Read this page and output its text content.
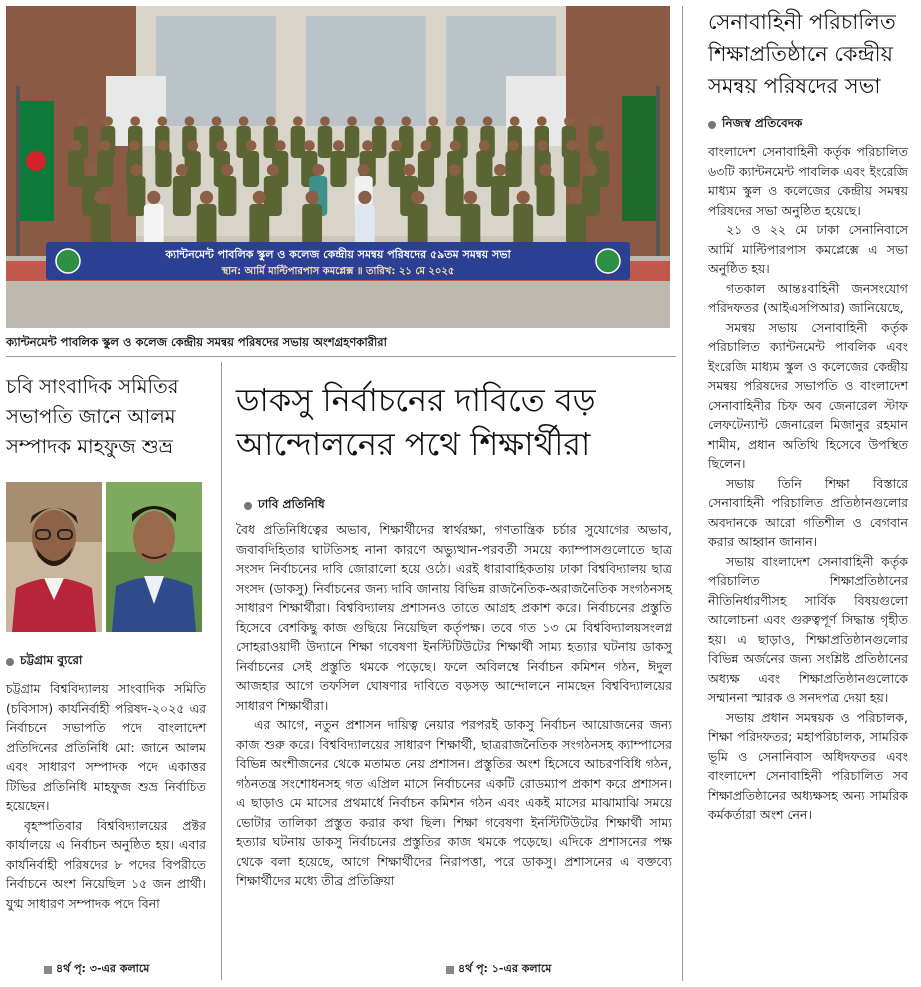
ক্যান্টনমেন্ট পাবলিক স্কুল ও কলেজ কেন্দ্রীয় সমন্বয় পরিষদের ৫৯তম সমন্বয় সভা
স্থান: আর্মি মাল্টিপারপাস কমপ্লেক্স ॥ তারিখ: ২১ মে ২০২৫
ক্যান্টনমেন্ট পাবলিক স্কুল ও কলেজ কেন্দ্রীয় সমন্বয় পরিষদের সভায় অংশগ্রহণকারীরা
সেনাবাহিনী পরিচালিত শিক্ষাপ্রতিষ্ঠানে কেন্দ্রীয় সমন্বয় পরিষদের সভা
নিজস্ব প্রতিবেদক

বাংলাদেশ সেনাবাহিনী কর্তৃক পরিচালিত ৬৩টি ক্যান্টনমেন্ট পাবলিক এবং ইংরেজি মাধ্যম স্কুল ও কলেজের কেন্দ্রীয় সমন্বয় পরিষদের সভা অনুষ্ঠিত হয়েছে।

২১ ও ২২ মে ঢাকা সেনানিবাসে আর্মি মাল্টিপারপাস কমপ্লেক্সে এ সভা অনুষ্ঠিত হয়।

গতকাল আন্তঃবাহিনী জনসংযোগ পরিদফতর (আইএসপিআর) জানিয়েছে,

সমন্বয় সভায় সেনাবাহিনী কর্তৃক পরিচালিত ক্যান্টনমেন্ট পাবলিক এবং ইংরেজি মাধ্যম স্কুল ও কলেজের কেন্দ্রীয় সমন্বয় পরিষদের সভাপতি ও বাংলাদেশ সেনাবাহিনীর চিফ অব জেনারেল স্টাফ লেফটেন্যান্ট জেনারেল মিজানুর রহমান শামীম, প্রধান অতিথি হিসেবে উপস্থিত ছিলেন।

সভায় তিনি শিক্ষা বিস্তারে সেনাবাহিনী পরিচালিত প্রতিষ্ঠানগুলোর অবদানকে আরো গতিশীল ও বেগবান করার আহ্বান জানান।

সভায় বাংলাদেশ সেনাবাহিনী কর্তৃক পরিচালিত শিক্ষাপ্রতিষ্ঠানের নীতিনির্ধারণীসহ সার্বিক বিষয়গুলো আলোচনা এবং গুরুত্বপূর্ণ সিদ্ধান্ত গৃহীত হয়। এ ছাড়াও, শিক্ষাপ্রতিষ্ঠানগুলোর বিভিন্ন অর্জনের জন্য সংশ্লিষ্ট প্রতিষ্ঠানের অধ্যক্ষ এবং শিক্ষাপ্রতিষ্ঠানগুলোকে সম্মাননা স্মারক ও সনদপত্র দেয়া হয়।

সভায় প্রধান সমন্বয়ক ও পরিচালক, শিক্ষা পরিদফতর; মহাপরিচালক, সামরিক ভূমি ও সেনানিবাস অধিদফতর এবং বাংলাদেশ সেনাবাহিনী পরিচালিত সব শিক্ষাপ্রতিষ্ঠানের অধ্যক্ষসহ অন্য সামরিক কর্মকর্তারা অংশ নেন।

চবি সাংবাদিক সমিতির সভাপতি জানে আলম সম্পাদক মাহফুজ শুভ্র
চট্টগ্রাম ব্যুরো

চট্টগ্রাম বিশ্ববিদ্যালয় সাংবাদিক সমিতি (চবিসাস) কার্যনির্বাহী পরিষদ-২০২৫ এর নির্বাচনে সভাপতি পদে বাংলাদেশ প্রতিদিনের প্রতিনিধি মো: জানে আলম এবং সাধারণ সম্পাদক পদে একাত্তর টিভির প্রতিনিধি মাহফুজ শুভ্র নির্বাচিত হয়েছেন।

বৃহস্পতিবার বিশ্ববিদ্যালয়ের প্রক্টর কার্যালয়ে এ নির্বাচন অনুষ্ঠিত হয়। এবার কার্যনির্বাহী পরিষদের ৮ পদের বিপরীতে নির্বাচনে অংশ নিয়েছিল ১৫ জন প্রার্থী। যুগ্ম সাধারণ সম্পাদক পদে বিনা

৪র্থ পৃ: ৩-এর কলামে
ডাকসু নির্বাচনের দাবিতে বড় আন্দোলনের পথে শিক্ষার্থীরা
ঢাবি প্রতিনিধি

বৈধ প্রতিনিধিত্বের অভাব, শিক্ষার্থীদের স্বার্থরক্ষা, গণতান্ত্রিক চর্চার সুযোগের অভাব, জবাবদিহিতার ঘাটতিসহ নানা কারণে অভ্যুত্থান-পরবর্তী সময়ে ক্যাম্পাসগুলোতে ছাত্র সংসদ নির্বাচনের দাবি জোরালো হয়ে ওঠে। এরই ধারাবাহিকতায় ঢাকা বিশ্ববিদ্যালয় ছাত্র সংসদ (ডাকসু) নির্বাচনের জন্য দাবি জানায় বিভিন্ন রাজনৈতিক-অরাজনৈতিক সংগঠনসহ সাধারণ শিক্ষার্থীরা। বিশ্ববিদ্যালয় প্রশাসনও তাতে আগ্রহ প্রকাশ করে। নির্বাচনের প্রস্তুতি হিসেবে বেশকিছু কাজ গুছিয়ে নিয়েছিল কর্তৃপক্ষ। তবে গত ১৩ মে বিশ্ববিদ্যালয়সংলগ্ন সোহরাওয়ার্দী উদ্যানে শিক্ষা গবেষণা ইনস্টিটিউটের শিক্ষার্থী সাম্য হত্যার ঘটনায় ডাকসু নির্বাচনের সেই প্রস্তুতি থমকে পড়েছে। ফলে অবিলম্বে নির্বাচন কমিশন গঠন, ঈদুল আজহার আগে তফসিল ঘোষণার দাবিতে বড়সড় আন্দোলনে নামছেন বিশ্ববিদ্যালয়ের সাধারণ শিক্ষার্থীরা।

এর আগে, নতুন প্রশাসন দায়িত্ব নেয়ার পরপরই ডাকসু নির্বাচন আয়োজনের জন্য কাজ শুরু করে। বিশ্ববিদ্যালয়ের সাধারণ শিক্ষার্থী, ছাত্ররাজনৈতিক সংগঠনসহ ক্যাম্পাসের বিভিন্ন অংশীজনের থেকে মতামত নেয় প্রশাসন। প্রস্তুতির অংশ হিসেবে আচরণবিধি গঠন, গঠনতন্ত্র সংশোধনসহ গত এপ্রিল মাসে নির্বাচনের একটি রোডম্যাপ প্রকাশ করে প্রশাসন। এ ছাড়াও মে মাসের প্রথমার্ধে নির্বাচন কমিশন গঠন এবং একই মাসের মাঝামাঝি সময়ে ভোটার তালিকা প্রস্তুত করার কথা ছিল। শিক্ষা গবেষণা ইনস্টিটিউটের শিক্ষার্থী সাম্য হত্যার ঘটনায় ডাকসু নির্বাচনের প্রস্তুতির কাজ থমকে পড়েছে। এদিকে প্রশাসনের পক্ষ থেকে বলা হয়েছে, আগে শিক্ষার্থীদের নিরাপত্তা, পরে ডাকসু। প্রশাসনের এ বক্তব্যে শিক্ষার্থীদের মধ্যে তীব্র প্রতিক্রিয়া

৪র্থ পৃ: ১-এর কলামে
